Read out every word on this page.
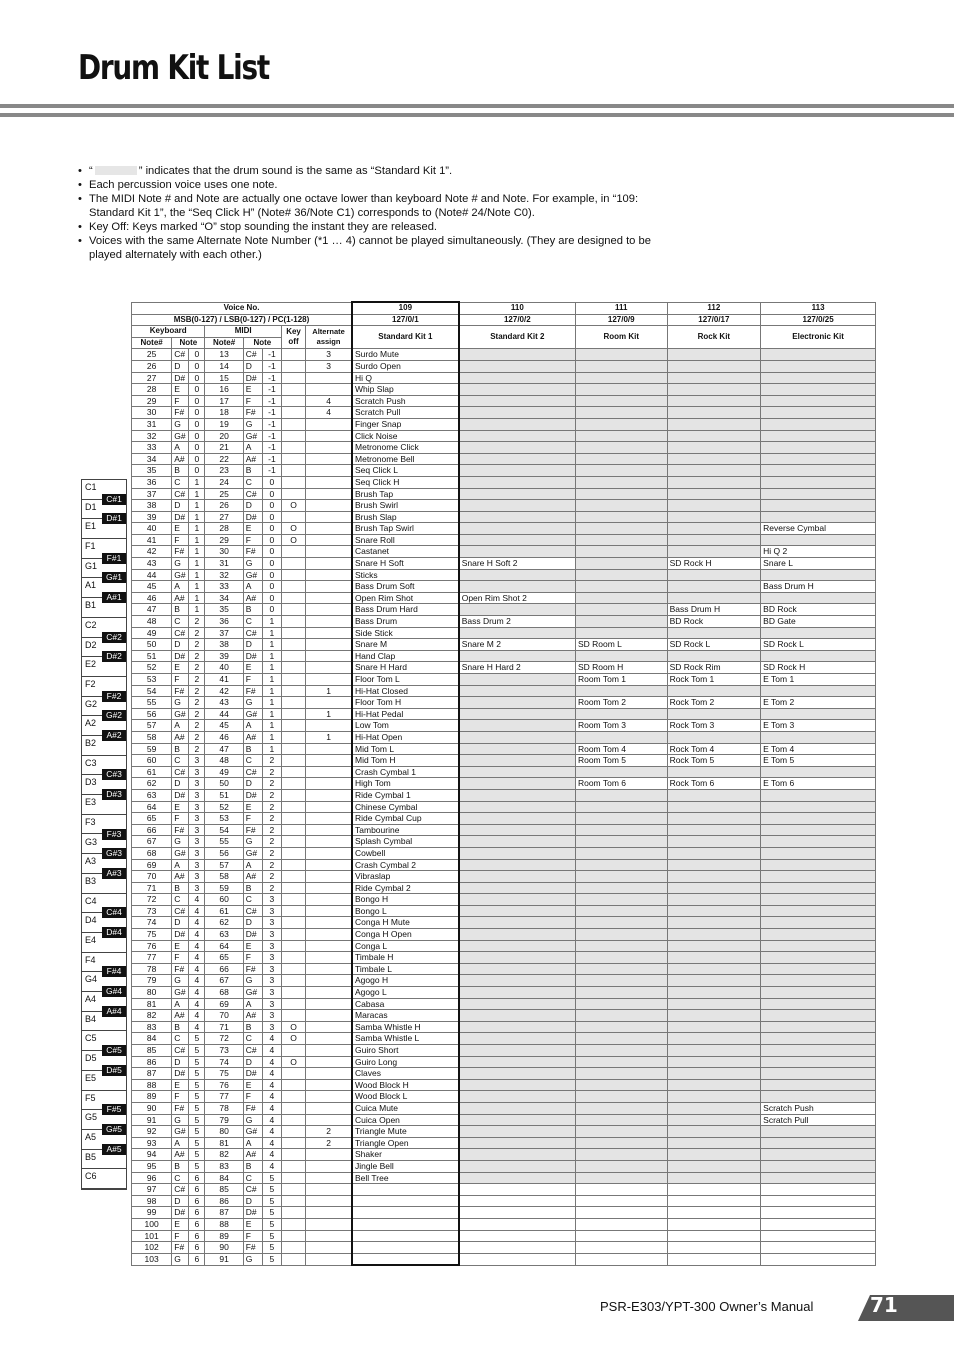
Drum Kit List
• “	” indicates that the drum sound is the same as “Standard Kit 1”.
• Each percussion voice uses one note.
• The MIDI Note # and Note are actually one octave lower than keyboard Note # and Note. For example, in “109: Standard Kit 1”, the “Seq Click H” (Note# 36/Note C1) corresponds to (Note# 24/Note C0).
• Key Off: Keys marked “O” stop sounding the instant they are released.
• Voices with the same Alternate Note Number (*1 … 4) cannot be played simultaneously. (They are designed to be played alternately with each other.)
Voice No.								109	110	111	112	113
MSB(0-127) / LSB(0-127) / PC(1-128)								127/0/1	127/0/2	127/0/9	127/0/17	127/0/25
Keyboard			MIDI			Key off	Alternate assign	Standard Kit 1	Standard Kit 2	Room Kit	Rock Kit	Electronic Kit
Note#	Note		Note#	Note								
25	C#	0	13	C#	-1		3	Surdo Mute				
26	D	0	14	D	-1		3	Surdo Open				
27	D#	0	15	D#	-1			Hi Q				
28	E	0	16	E	-1			Whip Slap				
29	F	0	17	F	-1		4	Scratch Push				
30	F#	0	18	F#	-1		4	Scratch Pull				
31	G	0	19	G	-1			Finger Snap				
32	G#	0	20	G#	-1			Click Noise				
33	A	0	21	A	-1			Metronome Click				
34	A#	0	22	A#	-1			Metronome Bell				
35	B	0	23	B	-1			Seq Click L				
36	C	1	24	C	0			Seq Click H				
37	C#	1	25	C#	0			Brush Tap				
38	D	1	26	D	0	O		Brush Swirl				
39	D#	1	27	D#	0			Brush Slap				
40	E	1	28	E	0	O		Brush Tap Swirl				Reverse Cymbal
41	F	1	29	F	0	O		Snare Roll				
42	F#	1	30	F#	0			Castanet				Hi Q 2
43	G	1	31	G	0			Snare H Soft	Snare H Soft 2		SD Rock H	Snare L
44	G#	1	32	G#	0			Sticks				
45	A	1	33	A	0			Bass Drum Soft				Bass Drum H
46	A#	1	34	A#	0			Open Rim Shot	Open Rim Shot 2			
47	B	1	35	B	0			Bass Drum Hard			Bass Drum H	BD Rock
48	C	2	36	C	1			Bass Drum	Bass Drum 2		BD Rock	BD Gate
49	C#	2	37	C#	1			Side Stick				
50	D	2	38	D	1			Snare M	Snare M 2	SD Room L	SD Rock L	SD Rock L
51	D#	2	39	D#	1			Hand Clap				
52	E	2	40	E	1			Snare H Hard	Snare H Hard 2	SD Room H	SD Rock Rim	SD Rock H
53	F	2	41	F	1			Floor Tom L		Room Tom 1	Rock Tom 1	E Tom 1
54	F#	2	42	F#	1		1	Hi-Hat Closed				
55	G	2	43	G	1			Floor Tom H		Room Tom 2	Rock Tom 2	E Tom 2
56	G#	2	44	G#	1		1	Hi-Hat Pedal				
57	A	2	45	A	1			Low Tom		Room Tom 3	Rock Tom 3	E Tom 3
58	A#	2	46	A#	1		1	Hi-Hat Open				
59	B	2	47	B	1			Mid Tom L		Room Tom 4	Rock Tom 4	E Tom 4
60	C	3	48	C	2			Mid Tom H		Room Tom 5	Rock Tom 5	E Tom 5
61	C#	3	49	C#	2			Crash Cymbal 1				
62	D	3	50	D	2			High Tom		Room Tom 6	Rock Tom 6	E Tom 6
63	D#	3	51	D#	2			Ride Cymbal 1				
64	E	3	52	E	2			Chinese Cymbal				
65	F	3	53	F	2			Ride Cymbal Cup				
66	F#	3	54	F#	2			Tambourine				
67	G	3	55	G	2			Splash Cymbal				
68	G#	3	56	G#	2			Cowbell				
69	A	3	57	A	2			Crash Cymbal 2				
70	A#	3	58	A#	2			Vibraslap				
71	B	3	59	B	2			Ride Cymbal 2				
72	C	4	60	C	3			Bongo H				
73	C#	4	61	C#	3			Bongo L				
74	D	4	62	D	3			Conga H Mute				
75	D#	4	63	D#	3			Conga H Open				
76	E	4	64	E	3			Conga L				
77	F	4	65	F	3			Timbale H				
78	F#	4	66	F#	3			Timbale L				
79	G	4	67	G	3			Agogo H				
80	G#	4	68	G#	3			Agogo L				
81	A	4	69	A	3			Cabasa				
82	A#	4	70	A#	3			Maracas				
83	B	4	71	B	3	O		Samba Whistle H				
84	C	5	72	C	4	O		Samba Whistle L				
85	C#	5	73	C#	4			Guiro Short				
86	D	5	74	D	4	O		Guiro Long				
87	D#	5	75	D#	4			Claves				
88	E	5	76	E	4			Wood Block H				
89	F	5	77	F	4			Wood Block L				
90	F#	5	78	F#	4			Cuica Mute				Scratch Push
91	G	5	79	G	4			Cuica Open				Scratch Pull
92	G#	5	80	G#	4		2	Triangle Mute				
93	A	5	81	A	4		2	Triangle Open				
94	A#	5	82	A#	4			Shaker				
95	B	5	83	B	4			Jingle Bell				
96	C	6	84	C	5			Bell Tree				
97	C#	6	85	C#	5							
98	D	6	86	D	5							
99	D#	6	87	D#	5							
100	E	6	88	E	5							
101	F	6	89	F	5							
102	F#	6	90	F#	5							
103	G	6	91	G	5							
C1
D1
E1
F1
G1
A1
B1
C2
D2
E2
F2
G2
A2
B2
C3
D3
E3
F3
G3
A3
B3
C4
D4
E4
F4
G4
A4
B4
C5
D5
E5
F5
G5
A5
B5
C6
C#1
D#1
F#1
G#1
A#1
C#2
D#2
F#2
G#2
A#2
C#3
D#3
F#3
G#3
A#3
C#4
D#4
F#4
G#4
A#4
C#5
D#5
F#5
G#5
A#5
PSR-E303/YPT-300 Owner’s Manual	71
